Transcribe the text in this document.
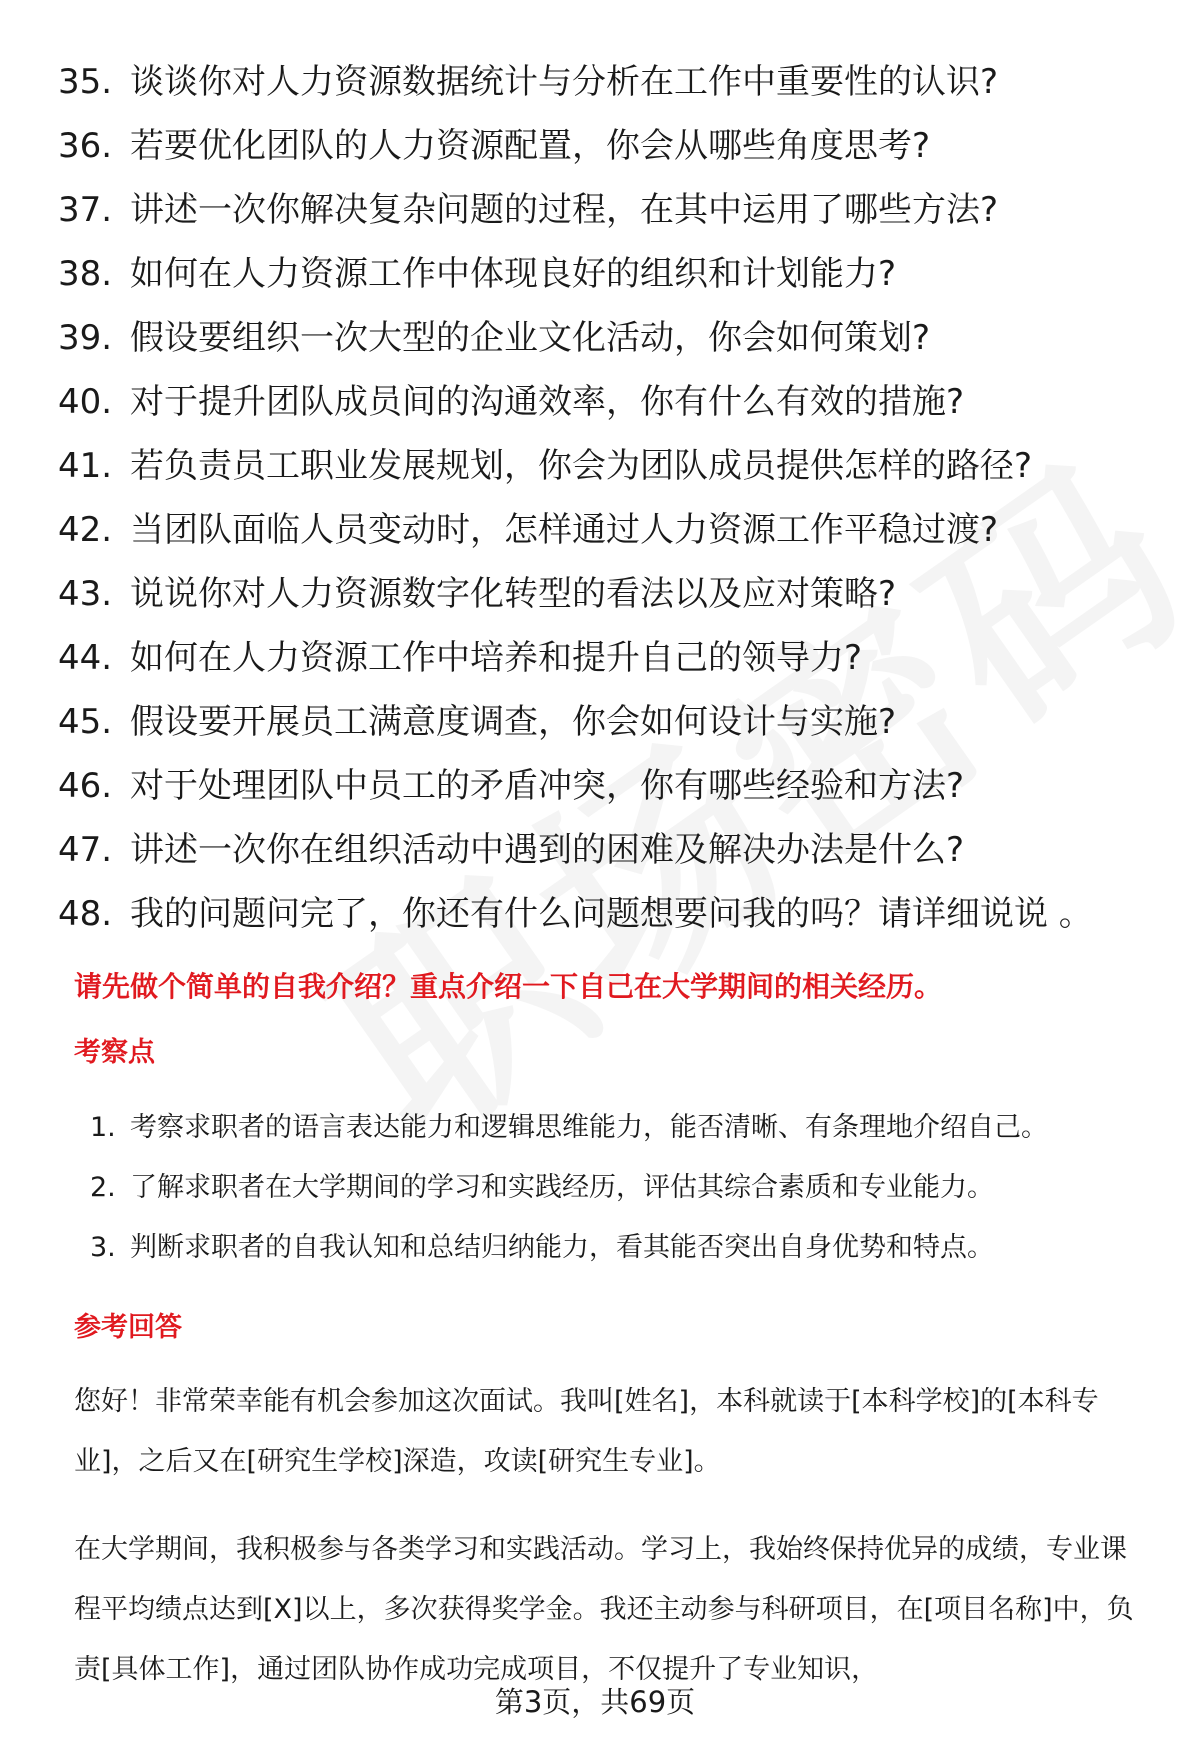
35. 谈谈你对人力资源数据统计与分析在工作中重要性的认识?
36. 若要优化团队的人力资源配置，你会从哪些角度思考?
37. 讲述一次你解决复杂问题的过程，在其中运用了哪些方法?
38. 如何在人力资源工作中体现良好的组织和计划能力?
39. 假设要组织一次大型的企业文化活动，你会如何策划?
40. 对于提升团队成员间的沟通效率，你有什么有效的措施?
41. 若负责员工职业发展规划，你会为团队成员提供怎样的路径?
42. 当团队面临人员变动时，怎样通过人力资源工作平稳过渡?
43. 说说你对人力资源数字化转型的看法以及应对策略?
44. 如何在人力资源工作中培养和提升自己的领导力?
45. 假设要开展员工满意度调查，你会如何设计与实施?
46. 对于处理团队中员工的矛盾冲突，你有哪些经验和方法?
47. 讲述一次你在组织活动中遇到的困难及解决办法是什么?
48. 我的问题问完了，你还有什么问题想要问我的吗？请详细说说 。
请先做个简单的自我介绍？重点介绍一下自己在大学期间的相关经历。
考察点
1. 考察求职者的语言表达能力和逻辑思维能力，能否清晰、有条理地介绍自己。
2. 了解求职者在大学期间的学习和实践经历，评估其综合素质和专业能力。
3. 判断求职者的自我认知和总结归纳能力，看其能否突出自身优势和特点。
参考回答

您好！非常荣幸能有机会参加这次面试。我叫[姓名]，本科就读于[本科学校]的[本科专业]，之后又在[研究生学校]深造，攻读[研究生专业]。

在大学期间，我积极参与各类学习和实践活动。学习上，我始终保持优异的成绩，专业课程平均绩点达到[X]以上，多次获得奖学金。我还主动参与科研项目，在[项目名称]中，负责[具体工作]，通过团队协作成功完成项目，不仅提升了专业知识，

第3页，共69页
